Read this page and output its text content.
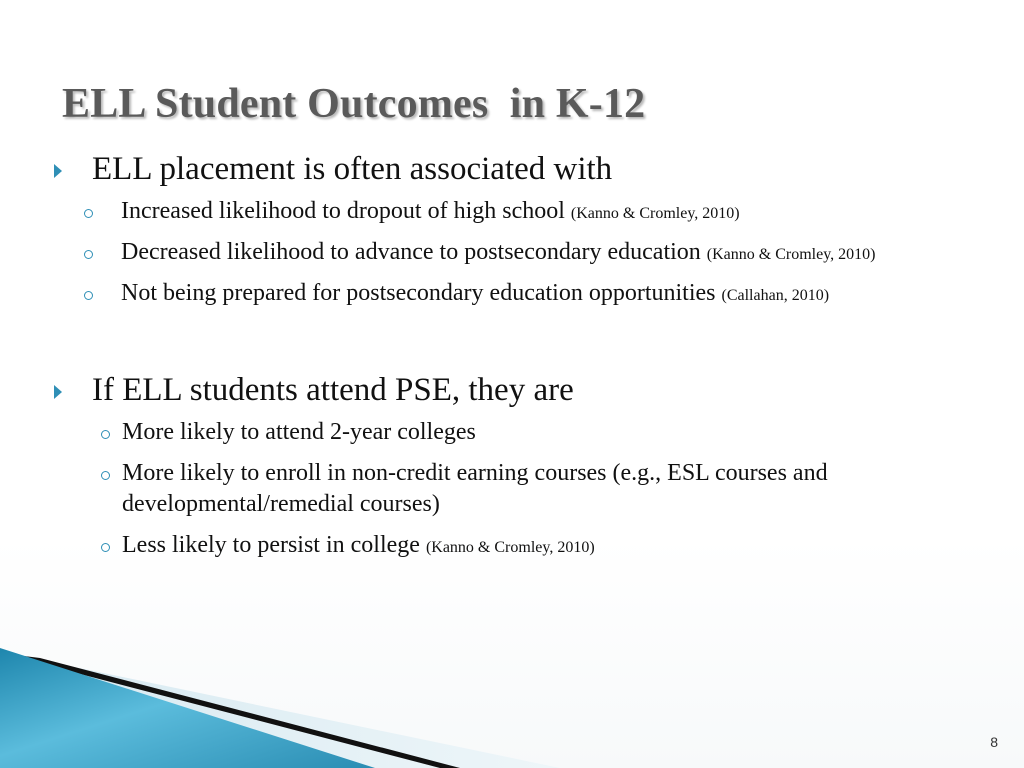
ELL Student Outcomes  in K-12
ELL placement is often associated with
Increased likelihood to dropout of high school (Kanno & Cromley, 2010)
Decreased likelihood to advance to postsecondary education (Kanno & Cromley, 2010)
Not being prepared for postsecondary education opportunities (Callahan, 2010)
If ELL students attend PSE, they are
More likely to attend 2-year colleges
More likely to enroll in non-credit earning courses (e.g., ESL courses and developmental/remedial courses)
Less likely to persist in college (Kanno & Cromley, 2010)
8
